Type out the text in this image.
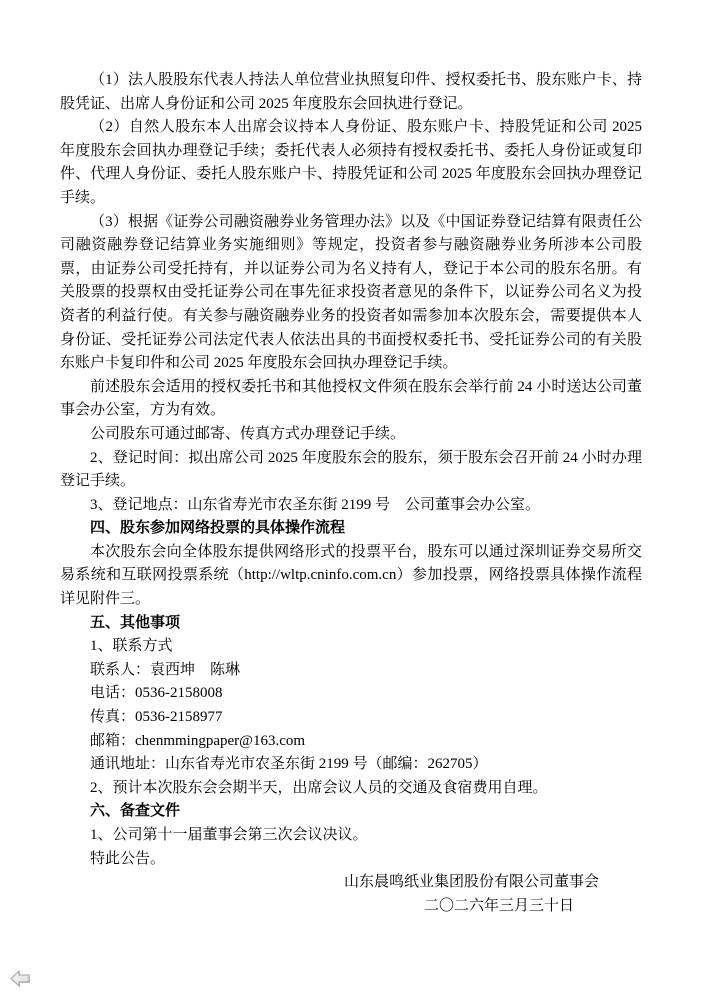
（1）法人股股东代表人持法人单位营业执照复印件、授权委托书、股东账户卡、持股凭证、出席人身份证和公司 2025 年度股东会回执进行登记。

（2）自然人股东本人出席会议持本人身份证、股东账户卡、持股凭证和公司 2025 年度股东会回执办理登记手续；委托代表人必须持有授权委托书、委托人身份证或复印件、代理人身份证、委托人股东账户卡、持股凭证和公司 2025 年度股东会回执办理登记手续。

（3）根据《证券公司融资融券业务管理办法》以及《中国证券登记结算有限责任公司融资融券登记结算业务实施细则》等规定，投资者参与融资融券业务所涉本公司股票，由证券公司受托持有，并以证券公司为名义持有人，登记于本公司的股东名册。有关股票的投票权由受托证券公司在事先征求投资者意见的条件下，以证券公司名义为投资者的利益行使。有关参与融资融券业务的投资者如需参加本次股东会，需要提供本人身份证、受托证券公司法定代表人依法出具的书面授权委托书、受托证券公司的有关股东账户卡复印件和公司 2025 年度股东会回执办理登记手续。

前述股东会适用的授权委托书和其他授权文件须在股东会举行前 24 小时送达公司董事会办公室，方为有效。

公司股东可通过邮寄、传真方式办理登记手续。

2、登记时间：拟出席公司 2025 年度股东会的股东，须于股东会召开前 24 小时办理登记手续。

3、登记地点：山东省寿光市农圣东街 2199 号　公司董事会办公室。

四、股东参加网络投票的具体操作流程

本次股东会向全体股东提供网络形式的投票平台，股东可以通过深圳证券交易所交易系统和互联网投票系统（http://wltp.cninfo.com.cn）参加投票，网络投票具体操作流程详见附件三。

五、其他事项

1、联系方式

联系人：袁西坤　陈琳

电话：0536-2158008

传真：0536-2158977

邮箱：chenmmingpaper@163.com

通讯地址：山东省寿光市农圣东街 2199 号（邮编：262705）

2、预计本次股东会会期半天，出席会议人员的交通及食宿费用自理。

六、备查文件

1、公司第十一届董事会第三次会议决议。

特此公告。

山东晨鸣纸业集团股份有限公司董事会

二〇二六年三月三十日
